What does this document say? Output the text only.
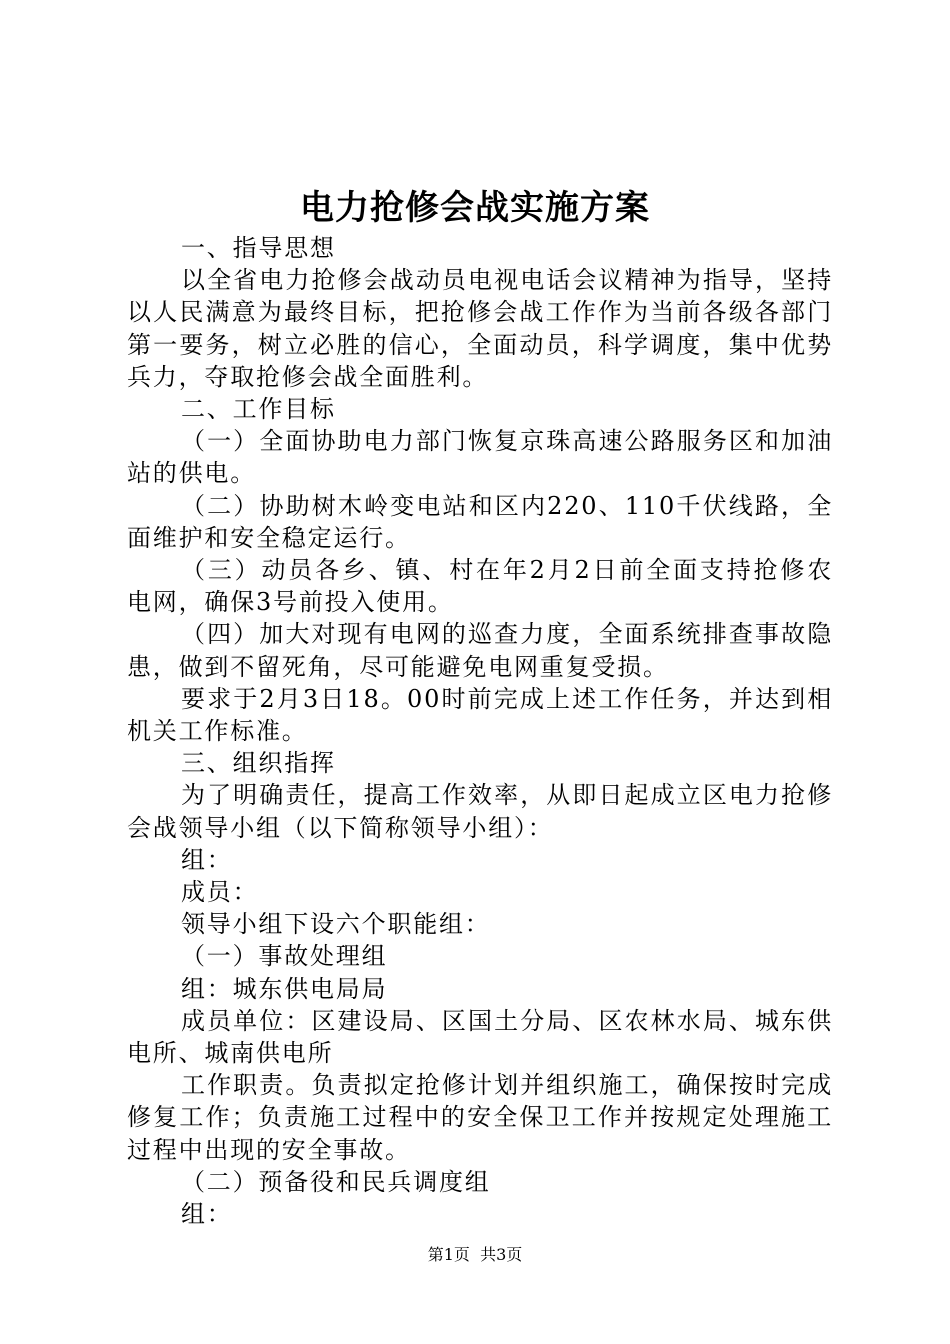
电力抢修会战实施方案

一、指导思想

以全省电力抢修会战动员电视电话会议精神为指导，坚持以人民满意为最终目标，把抢修会战工作作为当前各级各部门第一要务，树立必胜的信心，全面动员，科学调度，集中优势兵力，夺取抢修会战全面胜利。

二、工作目标

（一）全面协助电力部门恢复京珠高速公路服务区和加油站的供电。

（二）协助树木岭变电站和区内220、110千伏线路，全面维护和安全稳定运行。

（三）动员各乡、镇、村在年2月2日前全面支持抢修农电网，确保3号前投入使用。

（四）加大对现有电网的巡查力度，全面系统排查事故隐患，做到不留死角，尽可能避免电网重复受损。

要求于2月3日18。00时前完成上述工作任务，并达到相机关工作标准。

三、组织指挥

为了明确责任，提高工作效率，从即日起成立区电力抢修会战领导小组（以下简称领导小组）：

组：

成员：

领导小组下设六个职能组：

（一）事故处理组

组：城东供电局局

成员单位：区建设局、区国土分局、区农林水局、城东供电所、城南供电所

工作职责。负责拟定抢修计划并组织施工，确保按时完成修复工作；负责施工过程中的安全保卫工作并按规定处理施工过程中出现的安全事故。

（二）预备役和民兵调度组

组：

第1页 共3页
